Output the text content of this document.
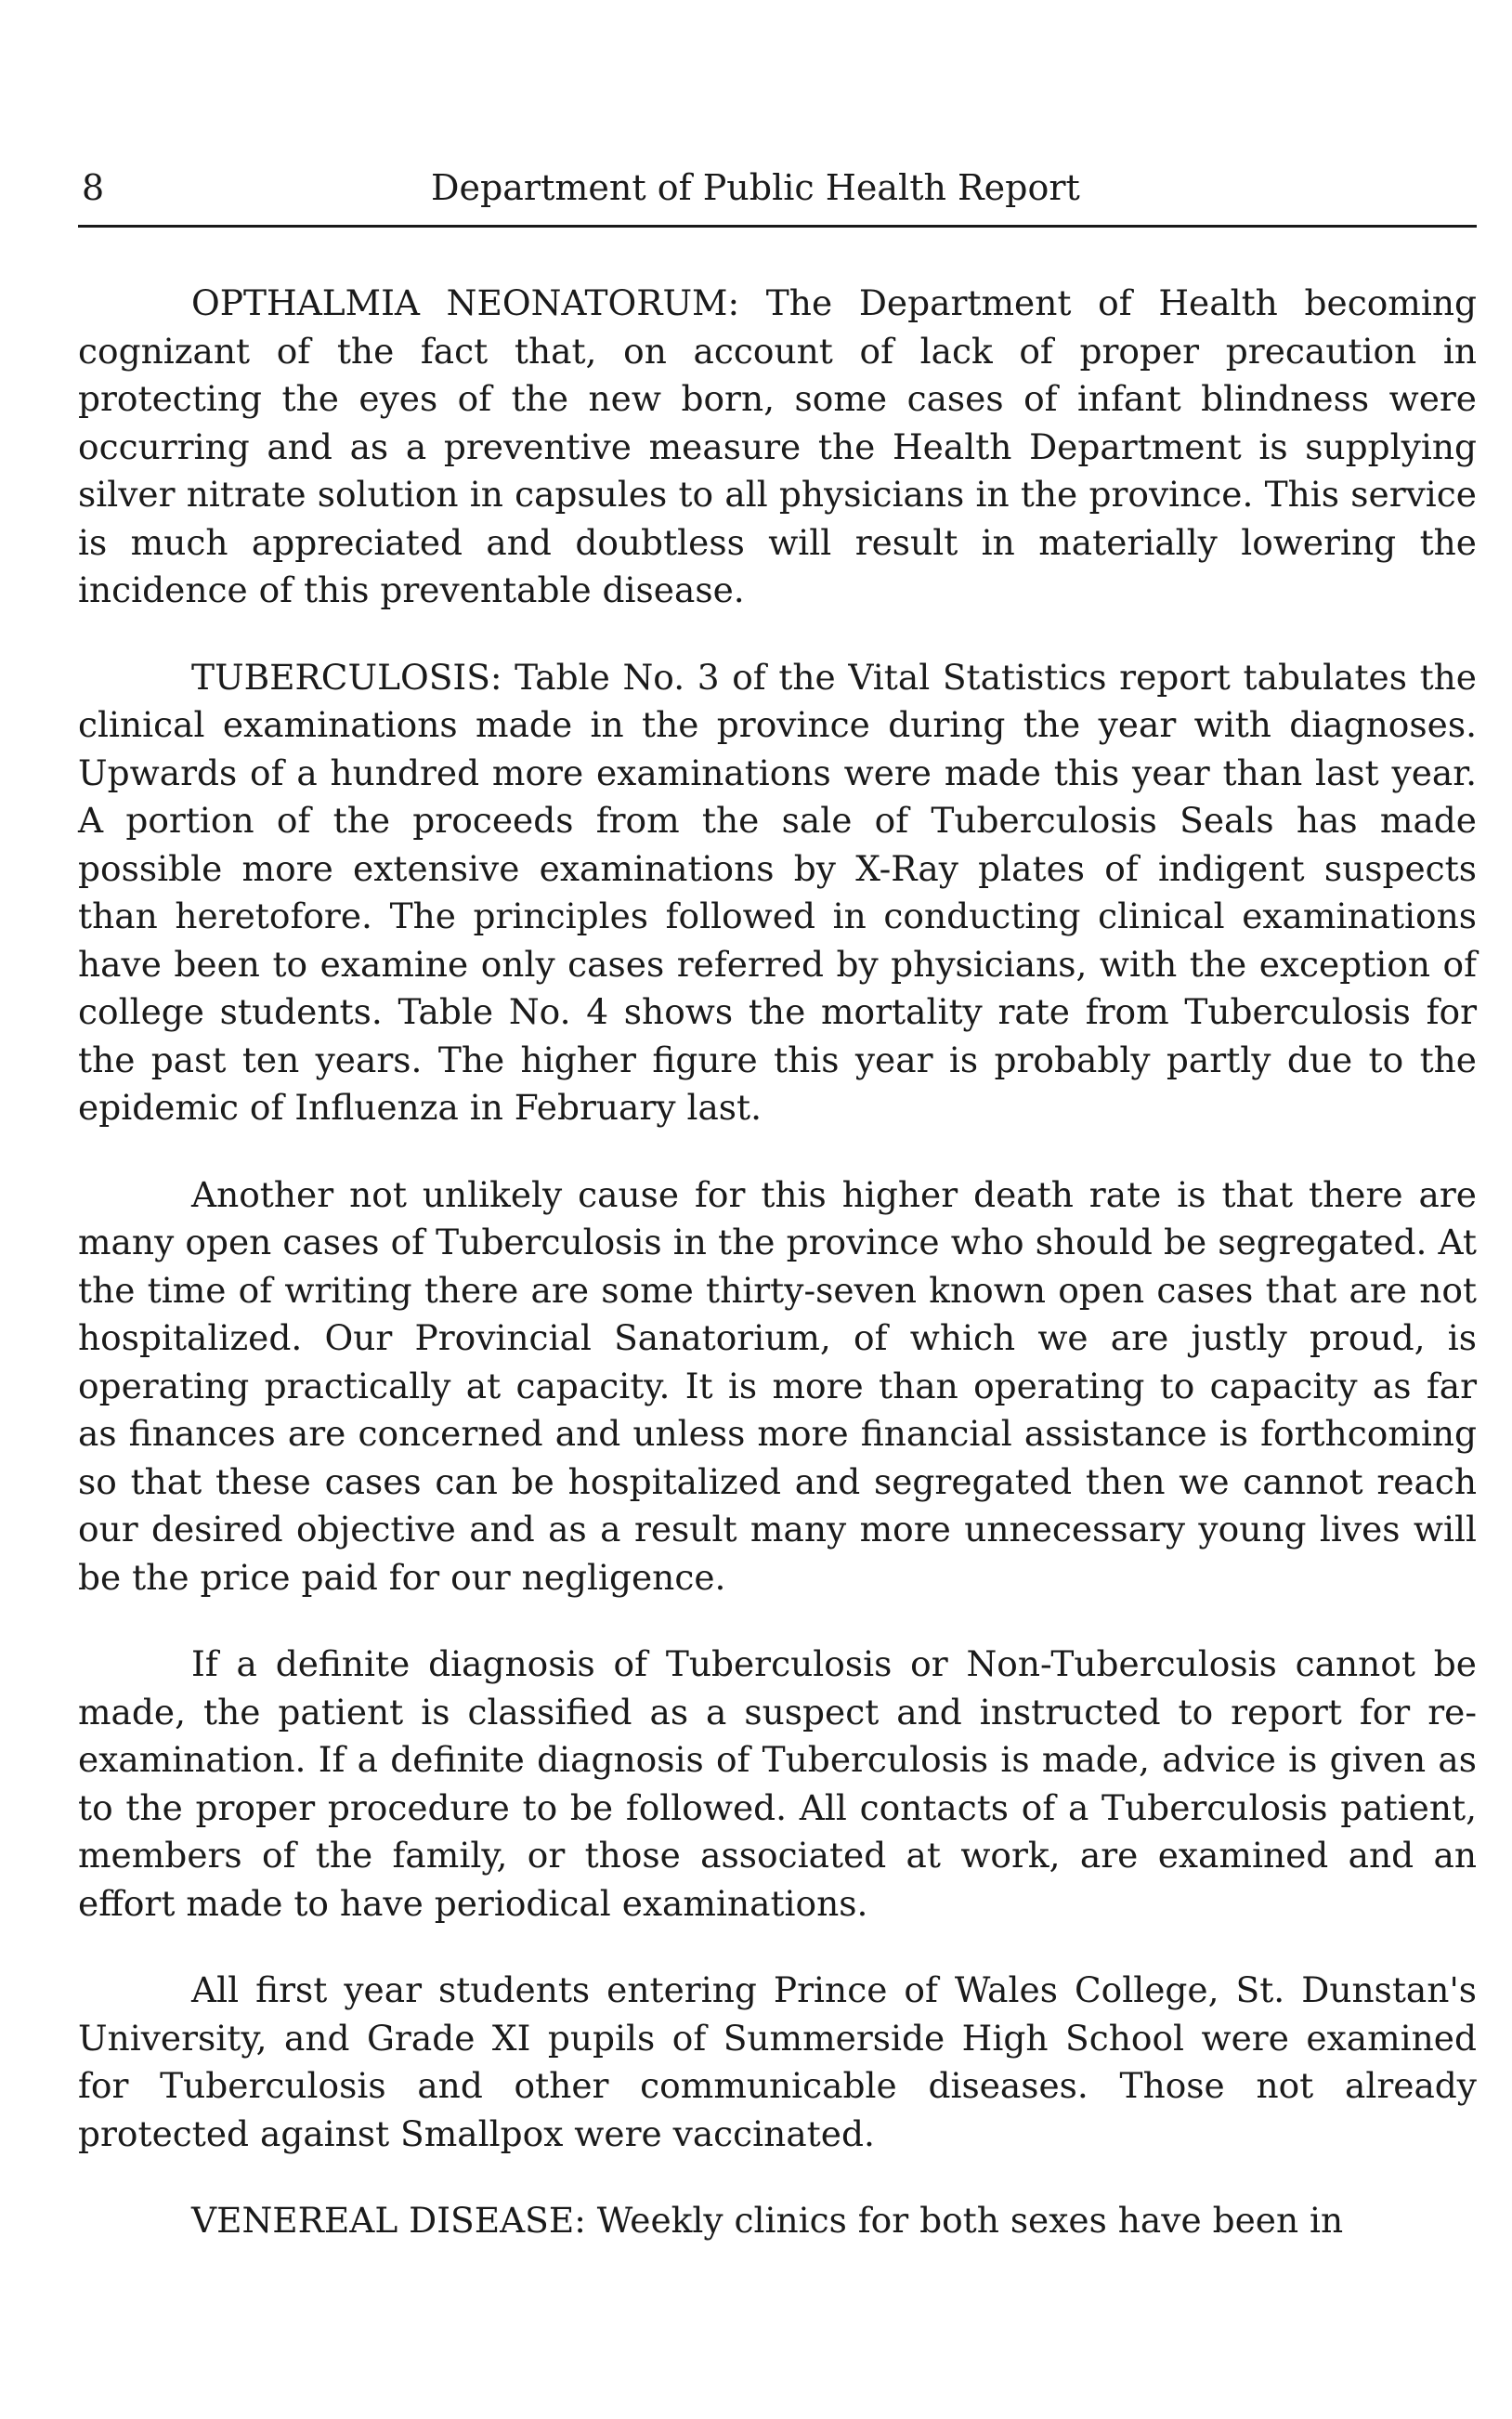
8	Department of Public Health Report

OPTHALMIA NEONATORUM: The Department of Health becoming cognizant of the fact that, on account of lack of proper precaution in protecting the eyes of the new born, some cases of infant blindness were occurring and as a preventive measure the Health Department is supplying silver nitrate solution in capsules to all physicians in the province. This service is much appreciated and doubtless will result in materially lowering the incidence of this preventable disease.

TUBERCULOSIS: Table No. 3 of the Vital Statistics report tabulates the clinical examinations made in the province during the year with diagnoses. Upwards of a hundred more examinations were made this year than last year. A portion of the proceeds from the sale of Tuberculosis Seals has made possible more extensive examinations by X-Ray plates of indigent suspects than heretofore. The principles followed in conducting clinical examinations have been to examine only cases referred by physicians, with the exception of college students. Table No. 4 shows the mortality rate from Tuberculosis for the past ten years. The higher figure this year is probably partly due to the epidemic of Influenza in February last.

Another not unlikely cause for this higher death rate is that there are many open cases of Tuberculosis in the province who should be segregated. At the time of writing there are some thirty-seven known open cases that are not hospitalized. Our Provincial Sanatorium, of which we are justly proud, is operating practically at capacity. It is more than operating to capacity as far as finances are concerned and unless more financial assistance is forthcoming so that these cases can be hospitalized and segregated then we cannot reach our desired objective and as a result many more unnecessary young lives will be the price paid for our negligence.

If a definite diagnosis of Tuberculosis or Non-Tuberculosis cannot be made, the patient is classified as a suspect and instructed to report for re-examination. If a definite diagnosis of Tuberculosis is made, advice is given as to the proper procedure to be followed. All contacts of a Tuberculosis patient, members of the family, or those associated at work, are examined and an effort made to have periodical examinations.

All first year students entering Prince of Wales College, St. Dunstan's University, and Grade XI pupils of Summerside High School were examined for Tuberculosis and other communicable diseases. Those not already protected against Smallpox were vaccinated.

VENEREAL DISEASE: Weekly clinics for both sexes have been in
